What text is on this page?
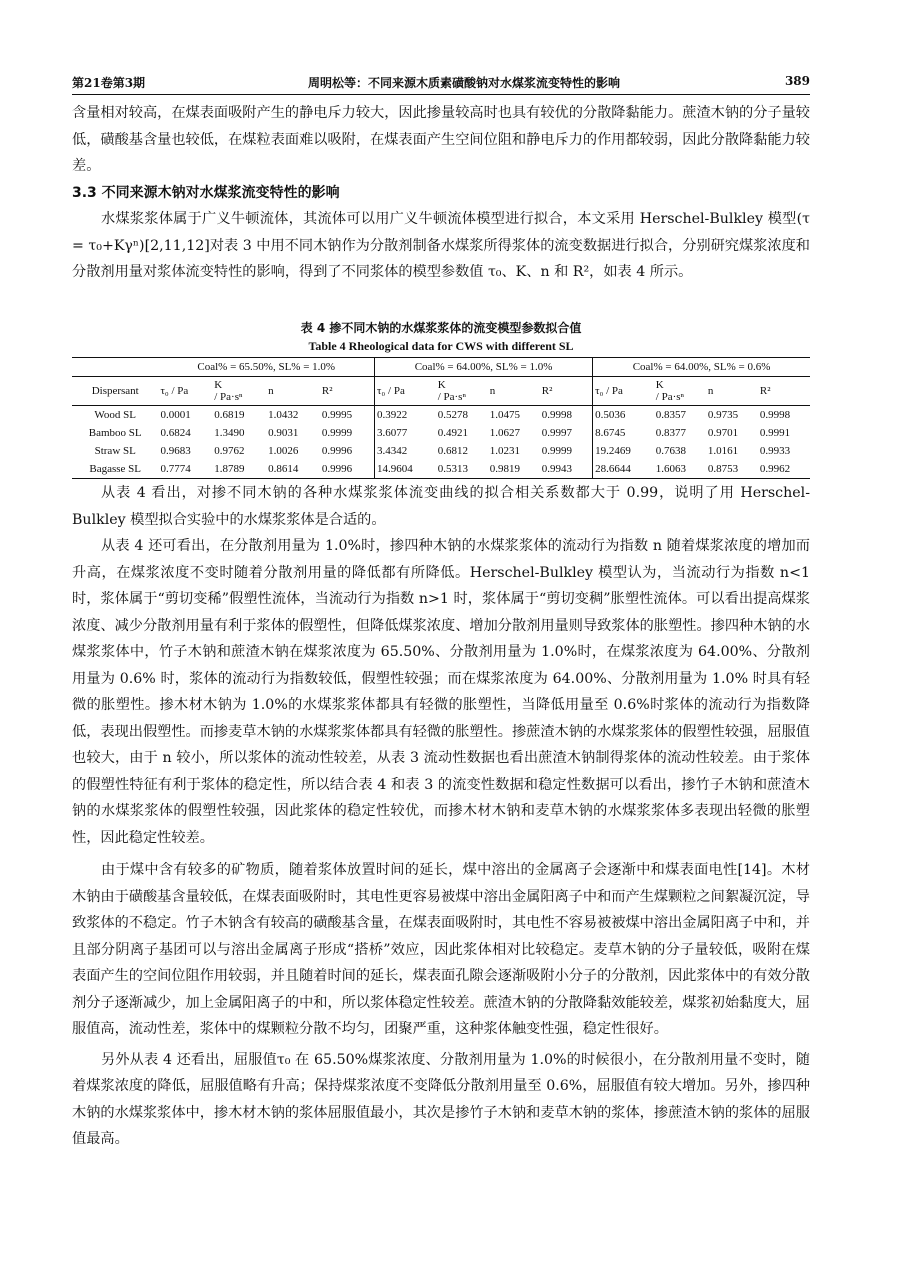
第21卷第3期	周明松等：不同来源木质素磺酸钠对水煤浆流变特性的影响	389

含量相对较高，在煤表面吸附产生的静电斥力较大，因此掺量较高时也具有较优的分散降黏能力。蔗渣木钠的分子量较低，磺酸基含量也较低，在煤粒表面难以吸附，在煤表面产生空间位阻和静电斥力的作用都较弱，因此分散降黏能力较差。

3.3 不同来源木钠对水煤浆流变特性的影响

水煤浆浆体属于广义牛顿流体，其流体可以用广义牛顿流体模型进行拟合，本文采用 Herschel-Bulkley 模型(τ = τ₀+Kγⁿ)[2,11,12]对表 3 中用不同木钠作为分散剂制备水煤浆所得浆体的流变数据进行拟合，分别研究煤浆浓度和分散剂用量对浆体流变特性的影响，得到了不同浆体的模型参数值 τ₀、K、n 和 R²，如表 4 所示。

表 4 掺不同木钠的水煤浆浆体的流变模型参数拟合值
Table 4 Rheological data for CWS with different SL
	Coal% = 65.50%, SL% = 1.0%				Coal% = 64.00%, SL% = 1.0%				Coal% = 64.00%, SL% = 0.6%			
Dispersant	τ₀ / Pa	K
/ Pa·sⁿ	n	R²	τ₀ / Pa	K
/ Pa·sⁿ	n	R²	τ₀ / Pa	K
/ Pa·sⁿ	n	R²
Wood SL	0.0001	0.6819	1.0432	0.9995	0.3922	0.5278	1.0475	0.9998	0.5036	0.8357	0.9735	0.9998
Bamboo SL	0.6824	1.3490	0.9031	0.9999	3.6077	0.4921	1.0627	0.9997	8.6745	0.8377	0.9701	0.9991
Straw SL	0.9683	0.9762	1.0026	0.9996	3.4342	0.6812	1.0231	0.9999	19.2469	0.7638	1.0161	0.9933
Bagasse SL	0.7774	1.8789	0.8614	0.9996	14.9604	0.5313	0.9819	0.9943	28.6644	1.6063	0.8753	0.9962

从表 4 看出，对掺不同木钠的各种水煤浆浆体流变曲线的拟合相关系数都大于 0.99，说明了用 Herschel-Bulkley 模型拟合实验中的水煤浆浆体是合适的。

从表 4 还可看出，在分散剂用量为 1.0%时，掺四种木钠的水煤浆浆体的流动行为指数 n 随着煤浆浓度的增加而升高，在煤浆浓度不变时随着分散剂用量的降低都有所降低。Herschel-Bulkley 模型认为，当流动行为指数 n<1 时，浆体属于“剪切变稀”假塑性流体，当流动行为指数 n>1 时，浆体属于“剪切变稠”胀塑性流体。可以看出提高煤浆浓度、减少分散剂用量有利于浆体的假塑性，但降低煤浆浓度、增加分散剂用量则导致浆体的胀塑性。掺四种木钠的水煤浆浆体中，竹子木钠和蔗渣木钠在煤浆浓度为 65.50%、分散剂用量为 1.0%时，在煤浆浓度为 64.00%、分散剂用量为 0.6% 时，浆体的流动行为指数较低，假塑性较强；而在煤浆浓度为 64.00%、分散剂用量为 1.0% 时具有轻微的胀塑性。掺木材木钠为 1.0%的水煤浆浆体都具有轻微的胀塑性，当降低用量至 0.6%时浆体的流动行为指数降低，表现出假塑性。而掺麦草木钠的水煤浆浆体都具有轻微的胀塑性。掺蔗渣木钠的水煤浆浆体的假塑性较强，屈服值也较大，由于 n 较小，所以浆体的流动性较差，从表 3 流动性数据也看出蔗渣木钠制得浆体的流动性较差。由于浆体的假塑性特征有利于浆体的稳定性，所以结合表 4 和表 3 的流变性数据和稳定性数据可以看出，掺竹子木钠和蔗渣木钠的水煤浆浆体的假塑性较强，因此浆体的稳定性较优，而掺木材木钠和麦草木钠的水煤浆浆体多表现出轻微的胀塑性，因此稳定性较差。

由于煤中含有较多的矿物质，随着浆体放置时间的延长，煤中溶出的金属离子会逐渐中和煤表面电性[14]。木材木钠由于磺酸基含量较低，在煤表面吸附时，其电性更容易被煤中溶出金属阳离子中和而产生煤颗粒之间絮凝沉淀，导致浆体的不稳定。竹子木钠含有较高的磺酸基含量，在煤表面吸附时，其电性不容易被被煤中溶出金属阳离子中和，并且部分阴离子基团可以与溶出金属离子形成“搭桥”效应，因此浆体相对比较稳定。麦草木钠的分子量较低，吸附在煤表面产生的空间位阻作用较弱，并且随着时间的延长，煤表面孔隙会逐渐吸附小分子的分散剂，因此浆体中的有效分散剂分子逐渐减少，加上金属阳离子的中和，所以浆体稳定性较差。蔗渣木钠的分散降黏效能较差，煤浆初始黏度大，屈服值高，流动性差，浆体中的煤颗粒分散不均匀，团聚严重，这种浆体触变性强，稳定性很好。

另外从表 4 还看出，屈服值τ₀ 在 65.50%煤浆浓度、分散剂用量为 1.0%的时候很小，在分散剂用量不变时，随着煤浆浓度的降低，屈服值略有升高；保持煤浆浓度不变降低分散剂用量至 0.6%，屈服值有较大增加。另外，掺四种木钠的水煤浆浆体中，掺木材木钠的浆体屈服值最小，其次是掺竹子木钠和麦草木钠的浆体，掺蔗渣木钠的浆体的屈服值最高。
